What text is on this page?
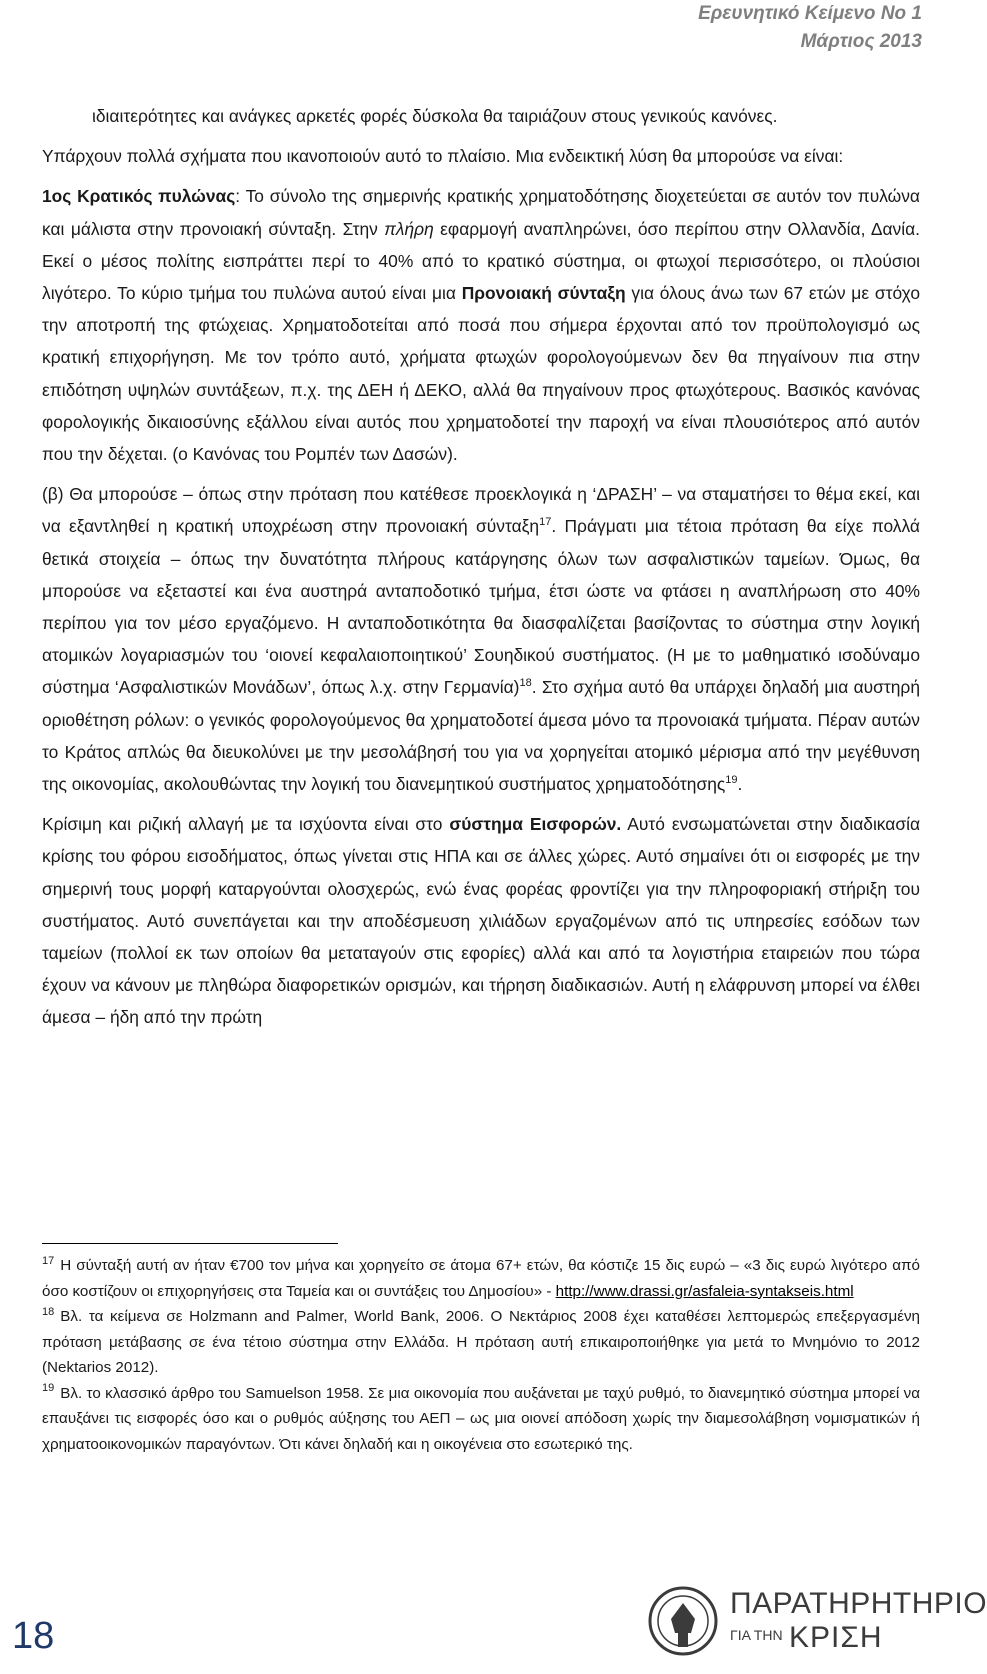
Ερευνητικό Κείμενο Νο 1
Μάρτιος 2013

ιδιαιτερότητες και ανάγκες αρκετές φορές δύσκολα θα ταιριάζουν στους γενικούς κανόνες.

Υπάρχουν πολλά σχήματα που ικανοποιούν αυτό το πλαίσιο. Μια ενδεικτική λύση θα μπορούσε να είναι:

1ος Κρατικός πυλώνας: Το σύνολο της σημερινής κρατικής χρηματοδότησης διοχετεύεται σε αυτόν τον πυλώνα και μάλιστα στην προνοιακή σύνταξη. Στην πλήρη εφαρμογή αναπληρώνει, όσο περίπου στην Ολλανδία, Δανία. Εκεί ο μέσος πολίτης εισπράττει περί το 40% από το κρατικό σύστημα, οι φτωχοί περισσότερο, οι πλούσιοι λιγότερο. Το κύριο τμήμα του πυλώνα αυτού είναι μια Προνοιακή σύνταξη για όλους άνω των 67 ετών με στόχο την αποτροπή της φτώχειας. Χρηματοδοτείται από ποσά που σήμερα έρχονται από τον προϋπολογισμό ως κρατική επιχορήγηση. Με τον τρόπο αυτό, χρήματα φτωχών φορολογούμενων δεν θα πηγαίνουν πια στην επιδότηση υψηλών συντάξεων, π.χ. της ΔΕΗ ή ΔΕΚΟ, αλλά θα πηγαίνουν προς φτωχότερους. Βασικός κανόνας φορολογικής δικαιοσύνης εξάλλου είναι αυτός που χρηματοδοτεί την παροχή να είναι πλουσιότερος από αυτόν που την δέχεται. (ο Κανόνας του Ρομπέν των Δασών).

(β) Θα μπορούσε – όπως στην πρόταση που κατέθεσε προεκλογικά η ‘ΔΡΑΣΗ’ – να σταματήσει το θέμα εκεί, και να εξαντληθεί η κρατική υποχρέωση στην προνοιακή σύνταξη$^{17}$. Πράγματι μια τέτοια πρόταση θα είχε πολλά θετικά στοιχεία – όπως την δυνατότητα πλήρους κατάργησης όλων των ασφαλιστικών ταμείων. Όμως, θα μπορούσε να εξεταστεί και ένα αυστηρά ανταποδοτικό τμήμα, έτσι ώστε να φτάσει η αναπλήρωση στο 40% περίπου για τον μέσο εργαζόμενο. Η ανταποδοτικότητα θα διασφαλίζεται βασίζοντας το σύστημα στην λογική ατομικών λογαριασμών του ‘οιονεί κεφαλαιοποιητικού’ Σουηδικού συστήματος. (Η με το μαθηματικό ισοδύναμο σύστημα ‘Ασφαλιστικών Μονάδων’, όπως λ.χ. στην Γερμανία)$^{18}$. Στο σχήμα αυτό θα υπάρχει δηλαδή μια αυστηρή οριοθέτηση ρόλων: ο γενικός φορολογούμενος θα χρηματοδοτεί άμεσα μόνο τα προνοιακά τμήματα. Πέραν αυτών το Κράτος απλώς θα διευκολύνει με την μεσολάβησή του για να χορηγείται ατομικό μέρισμα από την μεγέθυνση της οικονομίας, ακολουθώντας την λογική του διανεμητικού συστήματος χρηματοδότησης$^{19}$.

Κρίσιμη και ριζική αλλαγή με τα ισχύοντα είναι στο σύστημα Εισφορών. Αυτό ενσωματώνεται στην διαδικασία κρίσης του φόρου εισοδήματος, όπως γίνεται στις ΗΠΑ και σε άλλες χώρες. Αυτό σημαίνει ότι οι εισφορές με την σημερινή τους μορφή καταργούνται ολοσχερώς, ενώ ένας φορέας φροντίζει για την πληροφοριακή στήριξη του συστήματος. Αυτό συνεπάγεται και την αποδέσμευση χιλιάδων εργαζομένων από τις υπηρεσίες εσόδων των ταμείων (πολλοί εκ των οποίων θα μεταταγούν στις εφορίες) αλλά και από τα λογιστήρια εταιρειών που τώρα έχουν να κάνουν με πληθώρα διαφορετικών ορισμών, και τήρηση διαδικασιών. Αυτή η ελάφρυνση μπορεί να έλθει άμεσα – ήδη από την πρώτη

$^{17}$ Η σύνταξή αυτή αν ήταν €700 τον μήνα και χορηγείτο σε άτομα 67+ ετών, θα κόστιζε 15 δις ευρώ – «3 δις ευρώ λιγότερο από όσο κοστίζουν οι επιχορηγήσεις στα Ταμεία και οι συντάξεις του Δημοσίου» - http://www.drassi.gr/asfaleia-syntakseis.html

$^{18}$ Βλ. τα κείμενα σε Holzmann and Palmer, World Bank, 2006. Ο Νεκτάριος 2008 έχει καταθέσει λεπτομερώς επεξεργασμένη πρόταση μετάβασης σε ένα τέτοιο σύστημα στην Ελλάδα. Η πρόταση αυτή επικαιροποιήθηκε για μετά το Μνημόνιο το 2012 (Nektarios 2012).

$^{19}$ Βλ. το κλασσικό άρθρο του Samuelson 1958. Σε μια οικονομία που αυξάνεται με ταχύ ρυθμό, το διανεμητικό σύστημα μπορεί να επαυξάνει τις εισφορές όσο και ο ρυθμός αύξησης του ΑΕΠ – ως μια οιονεί απόδοση χωρίς την διαμεσολάβηση νομισματικών ή χρηματοοικονομικών παραγόντων. Ότι κάνει δηλαδή και η οικογένεια στο εσωτερικό της.

18
ΠΑΡΑΤΗΡΗΤΗΡΙΟ
ΓΙΑ ΤΗΝ ΚΡΙΣΗ
